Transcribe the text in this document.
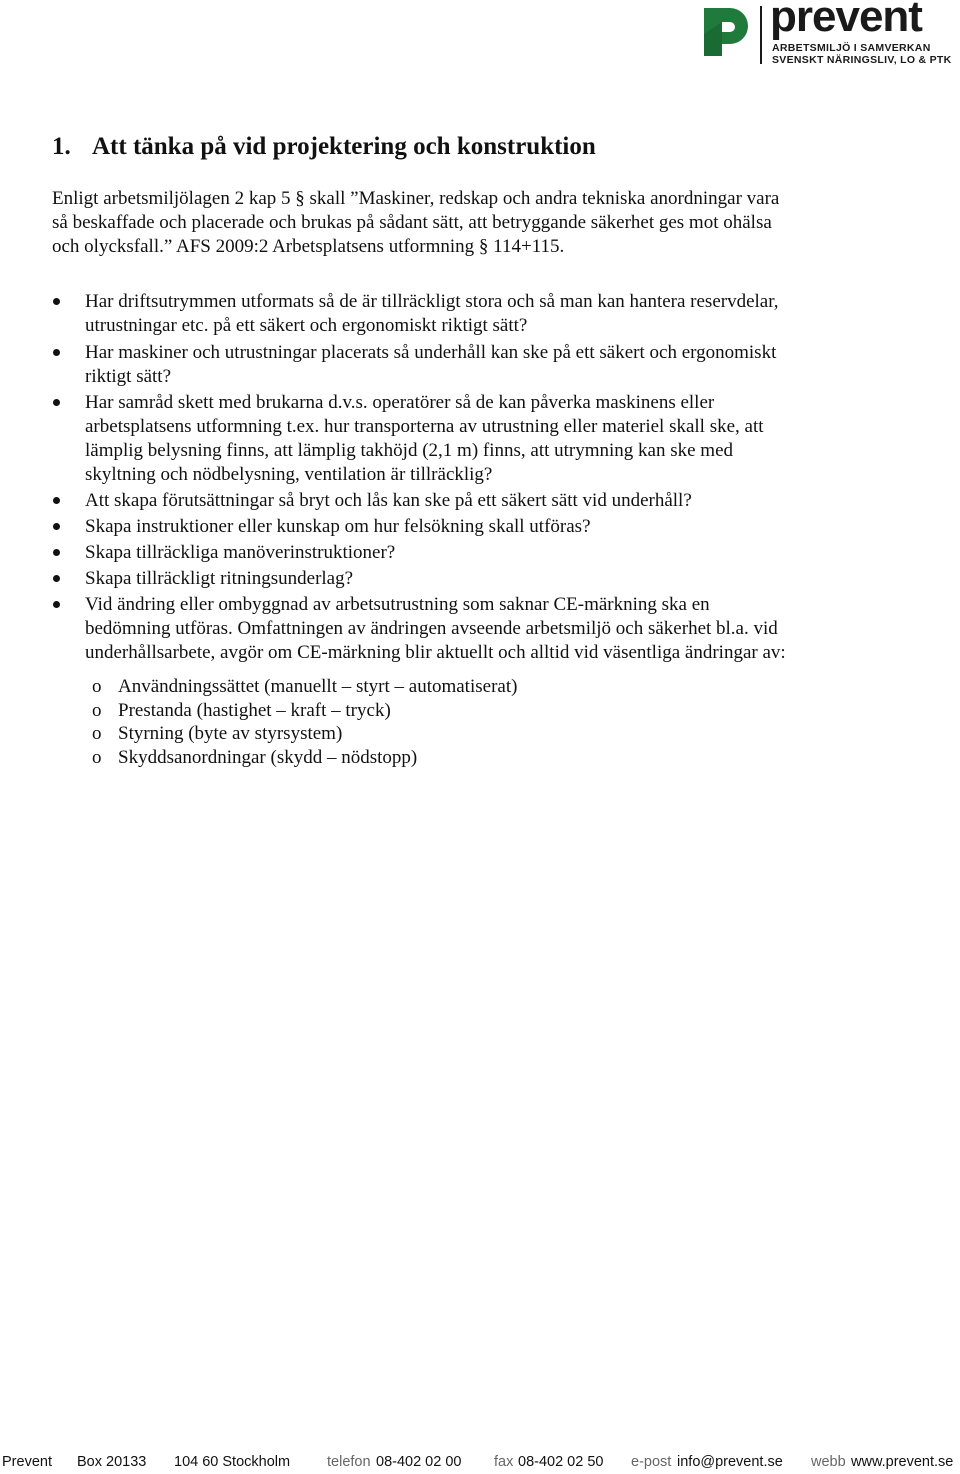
prevent
ARBETSMILJÖ I SAMVERKAN
SVENSKT NÄRINGSLIV, LO & PTK
1. Att tänka på vid projektering och konstruktion
Enligt arbetsmiljölagen 2 kap 5 § skall ”Maskiner, redskap och andra tekniska anordningar vara
så beskaffade och placerade och brukas på sådant sätt, att betryggande säkerhet ges mot ohälsa
och olycksfall.” AFS 2009:2 Arbetsplatsens utformning § 114+115.
Har driftsutrymmen utformats så de är tillräckligt stora och så man kan hantera reservdelar,
utrustningar etc. på ett säkert och ergonomiskt riktigt sätt?
Har maskiner och utrustningar placerats så underhåll kan ske på ett säkert och ergonomiskt
riktigt sätt?
Har samråd skett med brukarna d.v.s. operatörer så de kan påverka maskinens eller
arbetsplatsens utformning t.ex. hur transporterna av utrustning eller materiel skall ske, att
lämplig belysning finns, att lämplig takhöjd (2,1 m) finns, att utrymning kan ske med
skyltning och nödbelysning, ventilation är tillräcklig?
Att skapa förutsättningar så bryt och lås kan ske på ett säkert sätt vid underhåll?
Skapa instruktioner eller kunskap om hur felsökning skall utföras?
Skapa tillräckliga manöverinstruktioner?
Skapa tillräckligt ritningsunderlag?
Vid ändring eller ombyggnad av arbetsutrustning som saknar CE-märkning ska en
bedömning utföras. Omfattningen av ändringen avseende arbetsmiljö och säkerhet bl.a. vid
underhållsarbete, avgör om CE-märkning blir aktuellt och alltid vid väsentliga ändringar av:
o Användningssättet (manuellt – styrt – automatiserat)
o Prestanda (hastighet – kraft – tryck)
o Styrning (byte av styrsystem)
o Skyddsanordningar (skydd – nödstopp)
Prevent Box 20133 104 60 Stockholm	telefon 08-402 02 00 fax 08-402 02 50 e-post info@prevent.se webb www.prevent.se
